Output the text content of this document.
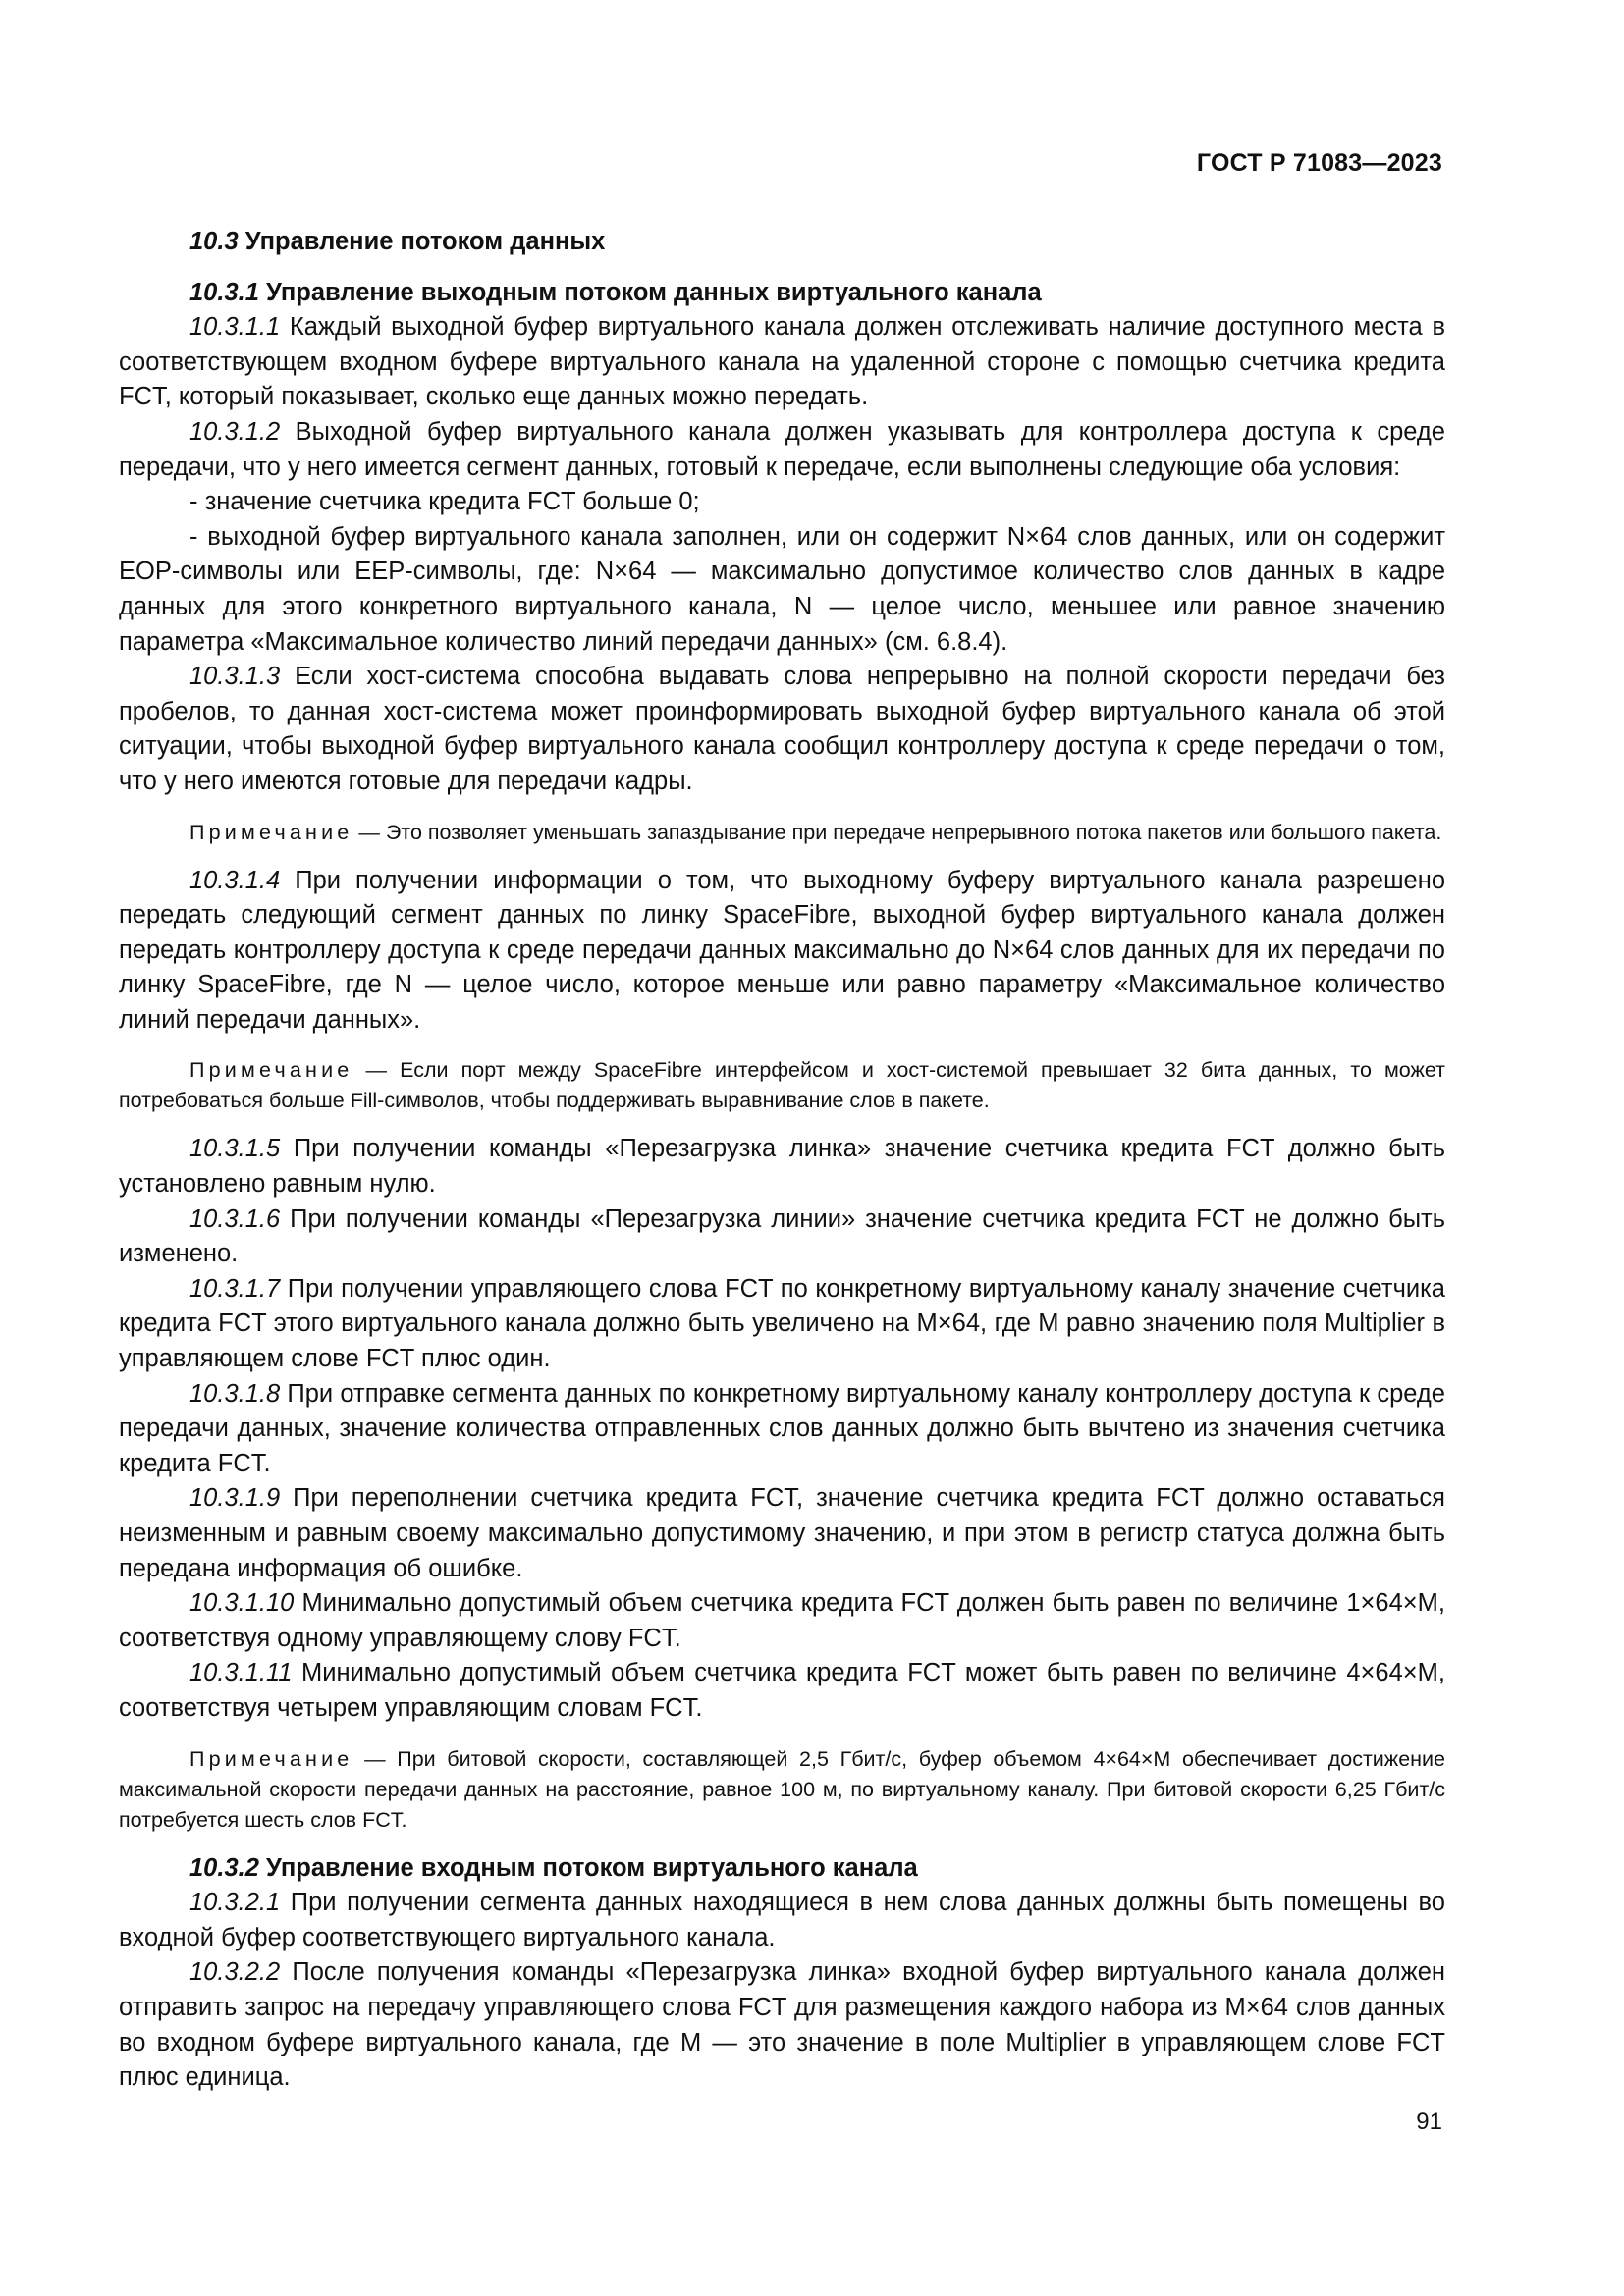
ГОСТ Р 71083—2023
10.3 Управление потоком данных
10.3.1 Управление выходным потоком данных виртуального канала

10.3.1.1 Каждый выходной буфер виртуального канала должен отслеживать наличие доступного места в соответствующем входном буфере виртуального канала на удаленной стороне с помощью счетчика кредита FCT, который показывает, сколько еще данных можно передать.

10.3.1.2 Выходной буфер виртуального канала должен указывать для контроллера доступа к среде передачи, что у него имеется сегмент данных, готовый к передаче, если выполнены следующие оба условия:

- значение счетчика кредита FCT больше 0;

- выходной буфер виртуального канала заполнен, или он содержит N×64 слов данных, или он содержит ЕОР-символы или ЕЕР-символы, где: N×64 — максимально допустимое количество слов данных в кадре данных для этого конкретного виртуального канала, N — целое число, меньшее или равное значению параметра «Максимальное количество линий передачи данных» (см. 6.8.4).

10.3.1.3 Если хост-система способна выдавать слова непрерывно на полной скорости передачи без пробелов, то данная хост-система может проинформировать выходной буфер виртуального канала об этой ситуации, чтобы выходной буфер виртуального канала сообщил контроллеру доступа к среде передачи о том, что у него имеются готовые для передачи кадры.

Примечание — Это позволяет уменьшать запаздывание при передаче непрерывного потока пакетов или большого пакета.

10.3.1.4 При получении информации о том, что выходному буферу виртуального канала разрешено передать следующий сегмент данных по линку SpaceFibre, выходной буфер виртуального канала должен передать контроллеру доступа к среде передачи данных максимально до N×64 слов данных для их передачи по линку SpaceFibre, где N — целое число, которое меньше или равно параметру «Максимальное количество линий передачи данных».

Примечание — Если порт между SpaceFibre интерфейсом и хост-системой превышает 32 бита данных, то может потребоваться больше Fill-символов, чтобы поддерживать выравнивание слов в пакете.

10.3.1.5 При получении команды «Перезагрузка линка» значение счетчика кредита FCT должно быть установлено равным нулю.

10.3.1.6 При получении команды «Перезагрузка линии» значение счетчика кредита FCT не должно быть изменено.

10.3.1.7 При получении управляющего слова FCT по конкретному виртуальному каналу значение счетчика кредита FCT этого виртуального канала должно быть увеличено на M×64, где M равно значению поля Multiplier в управляющем слове FCT плюс один.

10.3.1.8 При отправке сегмента данных по конкретному виртуальному каналу контроллеру доступа к среде передачи данных, значение количества отправленных слов данных должно быть вычтено из значения счетчика кредита FCT.

10.3.1.9 При переполнении счетчика кредита FCT, значение счетчика кредита FCT должно оставаться неизменным и равным своему максимально допустимому значению, и при этом в регистр статуса должна быть передана информация об ошибке.

10.3.1.10 Минимально допустимый объем счетчика кредита FCT должен быть равен по величине 1×64×М, соответствуя одному управляющему слову FCT.

10.3.1.11 Минимально допустимый объем счетчика кредита FCT может быть равен по величине 4×64×М, соответствуя четырем управляющим словам FCT.

Примечание — При битовой скорости, составляющей 2,5 Гбит/с, буфер объемом 4×64×М обеспечивает достижение максимальной скорости передачи данных на расстояние, равное 100 м, по виртуальному каналу. При битовой скорости 6,25 Гбит/с потребуется шесть слов FCT.

10.3.2 Управление входным потоком виртуального канала

10.3.2.1 При получении сегмента данных находящиеся в нем слова данных должны быть помещены во входной буфер соответствующего виртуального канала.

10.3.2.2 После получения команды «Перезагрузка линка» входной буфер виртуального канала должен отправить запрос на передачу управляющего слова FCT для размещения каждого набора из M×64 слов данных во входном буфере виртуального канала, где М — это значение в поле Multiplier в управляющем слове FCT плюс единица.

91
